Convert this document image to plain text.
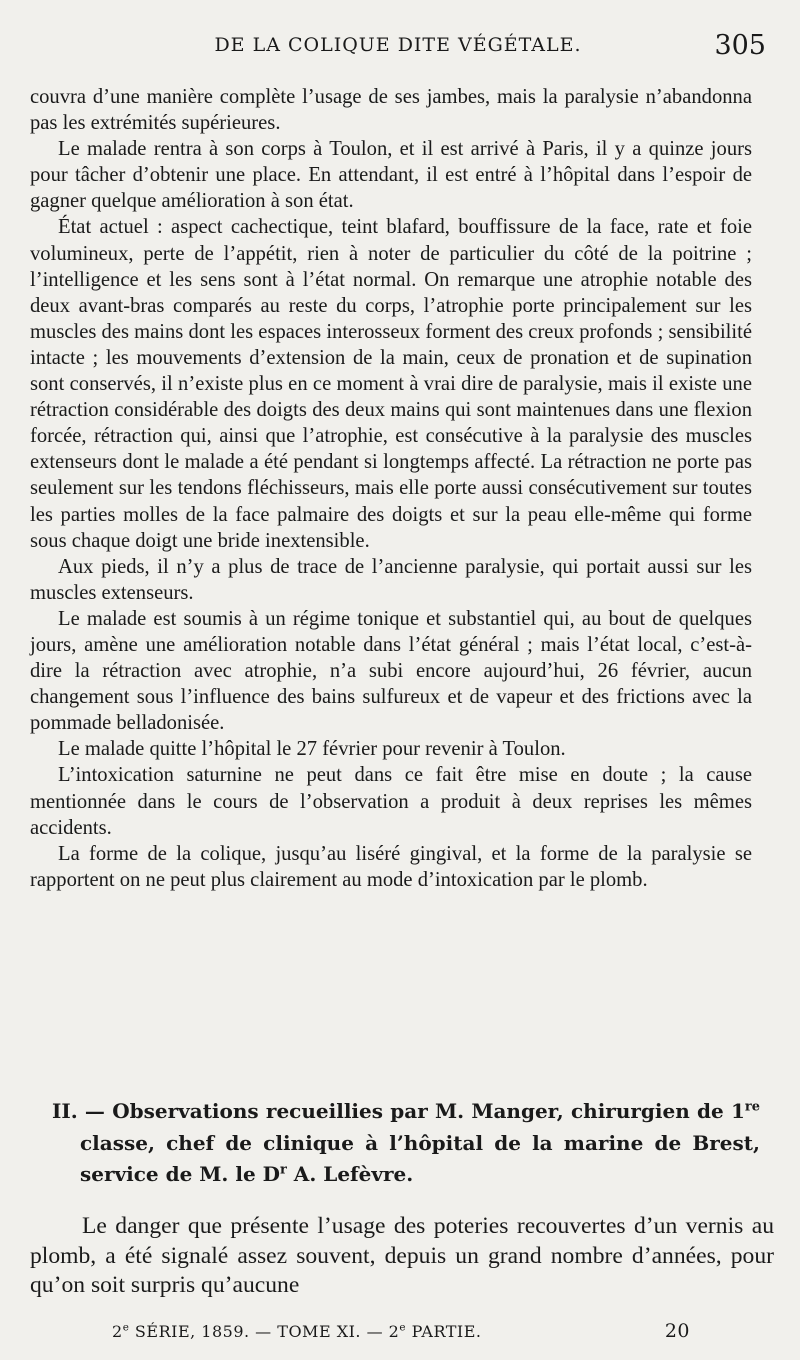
DE LA COLIQUE DITE VÉGÉTALE.	305

couvra d’une manière complète l’usage de ses jambes, mais la paralysie n’abandonna pas les extrémités supérieures.

Le malade rentra à son corps à Toulon, et il est arrivé à Paris, il y a quinze jours pour tâcher d’obtenir une place. En attendant, il est entré à l’hôpital dans l’espoir de gagner quelque amélioration à son état.

État actuel : aspect cachectique, teint blafard, bouffissure de la face, rate et foie volumineux, perte de l’appétit, rien à noter de particulier du côté de la poitrine ; l’intelligence et les sens sont à l’état normal. On remarque une atrophie notable des deux avant-bras comparés au reste du corps, l’atrophie porte principalement sur les muscles des mains dont les espaces interosseux forment des creux profonds ; sensibilité intacte ; les mouvements d’extension de la main, ceux de pronation et de supination sont conservés, il n’existe plus en ce moment à vrai dire de paralysie, mais il existe une rétraction considérable des doigts des deux mains qui sont maintenues dans une flexion forcée, rétraction qui, ainsi que l’atrophie, est consécutive à la paralysie des muscles extenseurs dont le malade a été pendant si longtemps affecté. La rétraction ne porte pas seulement sur les tendons fléchisseurs, mais elle porte aussi consécutivement sur toutes les parties molles de la face palmaire des doigts et sur la peau elle-même qui forme sous chaque doigt une bride inextensible.

Aux pieds, il n’y a plus de trace de l’ancienne paralysie, qui portait aussi sur les muscles extenseurs.

Le malade est soumis à un régime tonique et substantiel qui, au bout de quelques jours, amène une amélioration notable dans l’état général ; mais l’état local, c’est-à-dire la rétraction avec atrophie, n’a subi encore aujourd’hui, 26 février, aucun changement sous l’influence des bains sulfureux et de vapeur et des frictions avec la pommade belladonisée.

Le malade quitte l’hôpital le 27 février pour revenir à Toulon.

L’intoxication saturnine ne peut dans ce fait être mise en doute ; la cause mentionnée dans le cours de l’observation a produit à deux reprises les mêmes accidents.

La forme de la colique, jusqu’au liséré gingival, et la forme de la paralysie se rapportent on ne peut plus clairement au mode d’intoxication par le plomb.

II. — Observations recueillies par M. Manger, chirurgien de 1re classe, chef de clinique à l’hôpital de la marine de Brest, service de M. le $D^r$ A. Lefèvre.

Le danger que présente l’usage des poteries recouvertes d’un vernis au plomb, a été signalé assez souvent, depuis un grand nombre d’années, pour qu’on soit surpris qu’aucune

2e SÉRIE, 1859. — TOME XI. — 2e PARTIE.	20
